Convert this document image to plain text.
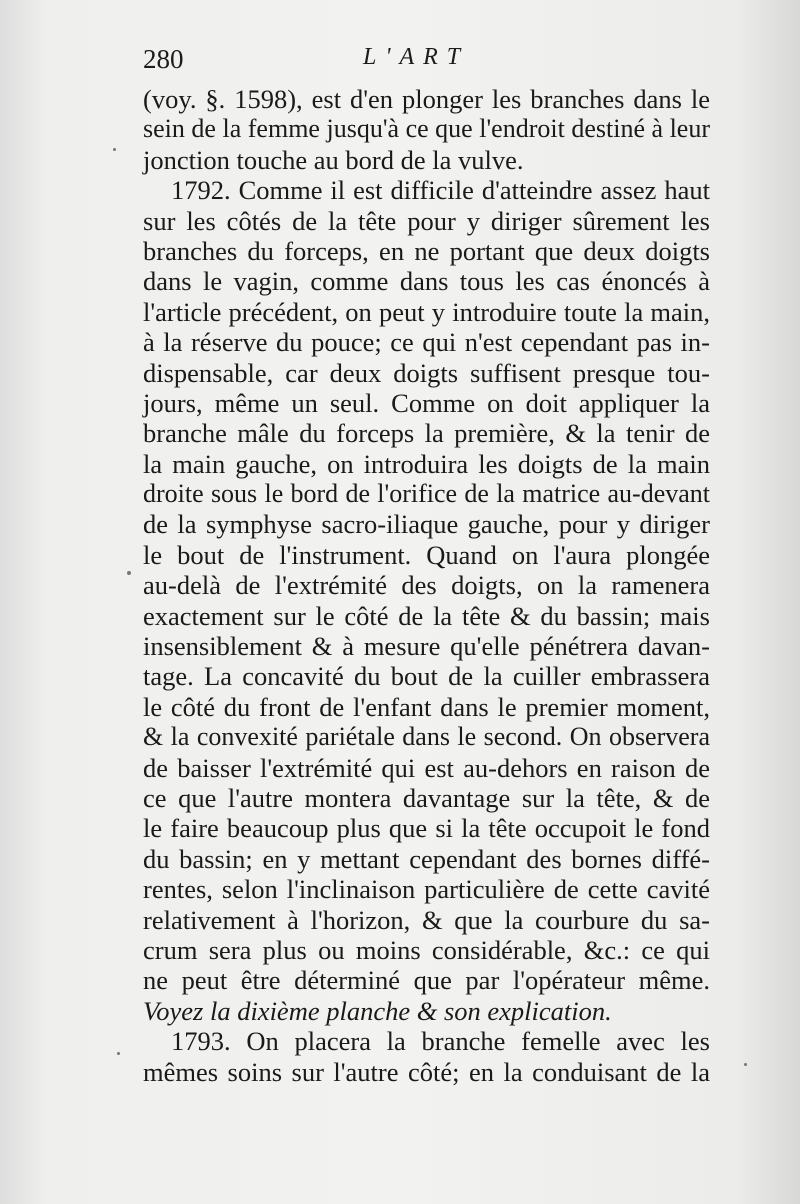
280	L'ART
(voy. §. 1598), est d'en plonger les branches dans le
sein de la femme jusqu'à ce que l'endroit destiné à leur
jonction touche au bord de la vulve.
1792. Comme il est difficile d'atteindre assez haut
sur les côtés de la tête pour y diriger sûrement les
branches du forceps, en ne portant que deux doigts
dans le vagin, comme dans tous les cas énoncés à
l'article précédent, on peut y introduire toute la main,
à la réserve du pouce; ce qui n'est cependant pas in-
dispensable, car deux doigts suffisent presque tou-
jours, même un seul. Comme on doit appliquer la
branche mâle du forceps la première, & la tenir de
la main gauche, on introduira les doigts de la main
droite sous le bord de l'orifice de la matrice au-devant
de la symphyse sacro-iliaque gauche, pour y diriger
le bout de l'instrument. Quand on l'aura plongée
au-delà de l'extrémité des doigts, on la ramenera
exactement sur le côté de la tête & du bassin; mais
insensiblement & à mesure qu'elle pénétrera davan-
tage. La concavité du bout de la cuiller embrassera
le côté du front de l'enfant dans le premier moment,
& la convexité pariétale dans le second. On observera
de baisser l'extrémité qui est au-dehors en raison de
ce que l'autre montera davantage sur la tête, & de
le faire beaucoup plus que si la tête occupoit le fond
du bassin; en y mettant cependant des bornes diffé-
rentes, selon l'inclinaison particulière de cette cavité
relativement à l'horizon, & que la courbure du sa-
crum sera plus ou moins considérable, &c.: ce qui
ne peut être déterminé que par l'opérateur même.
Voyez la dixième planche & son explication.
1793. On placera la branche femelle avec les
mêmes soins sur l'autre côté; en la conduisant de la
